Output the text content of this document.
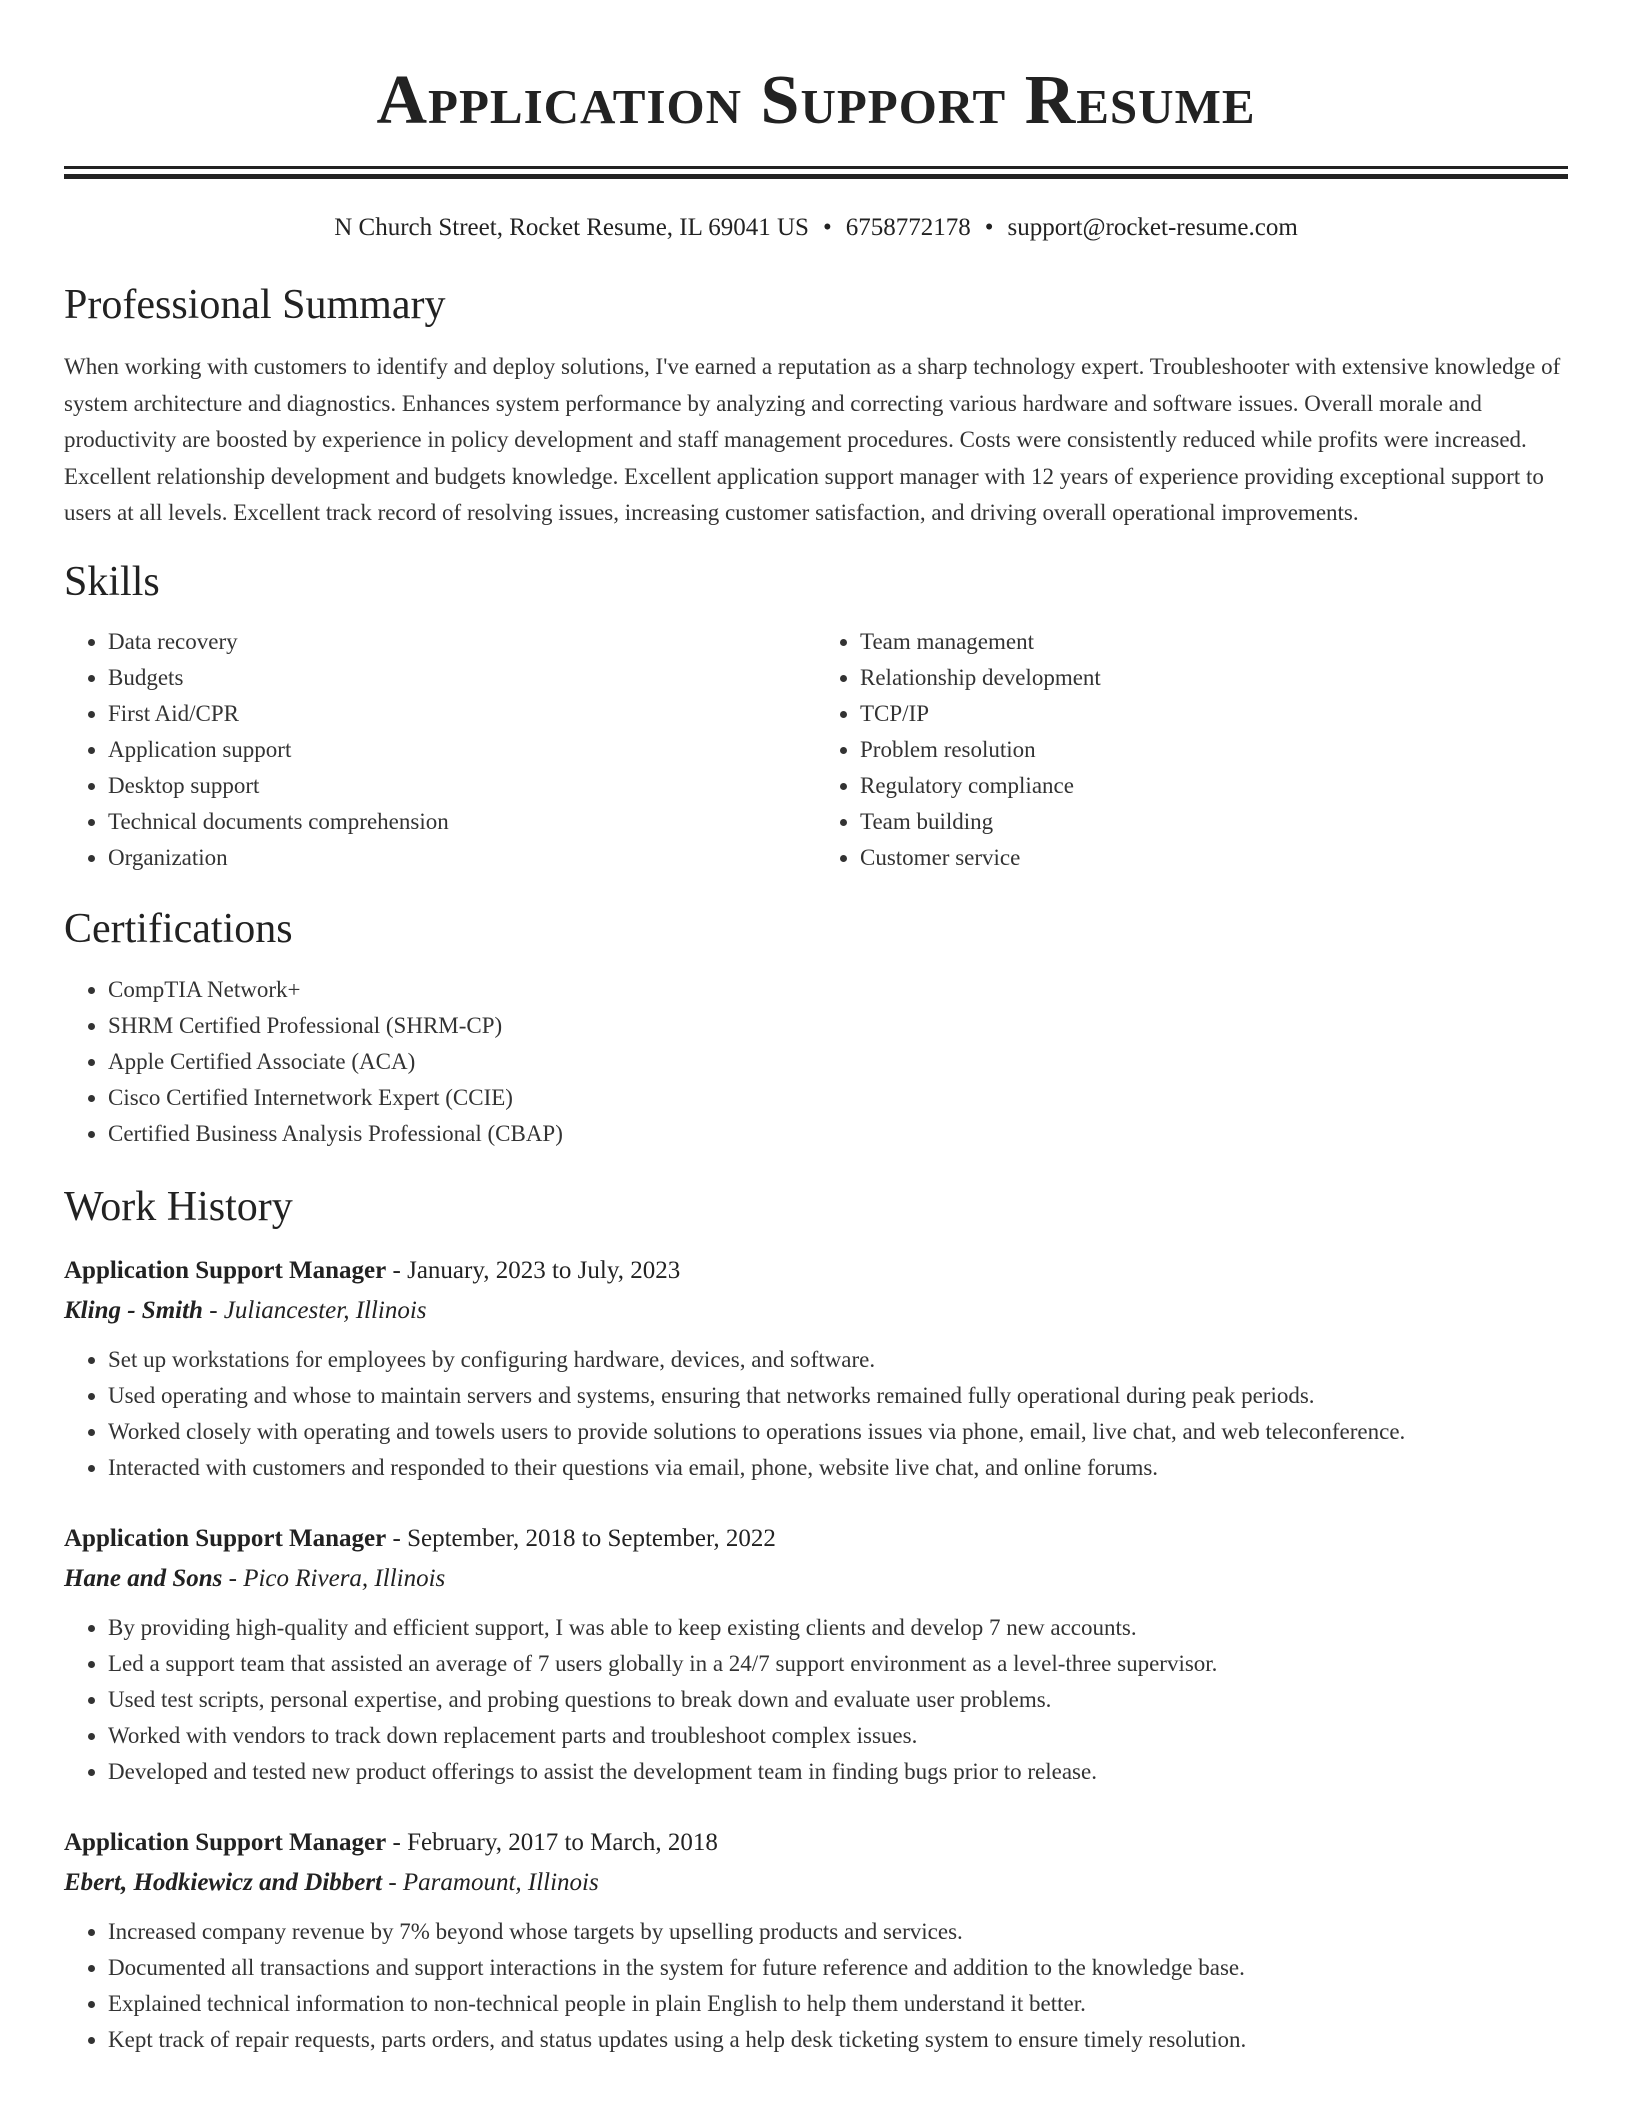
Application Support Resume
N Church Street, Rocket Resume, IL 69041 US • 6758772178 • support@rocket-resume.com
Professional Summary

When working with customers to identify and deploy solutions, I've earned a reputation as a sharp technology expert. Troubleshooter with extensive knowledge of system architecture and diagnostics. Enhances system performance by analyzing and correcting various hardware and software issues. Overall morale and productivity are boosted by experience in policy development and staff management procedures. Costs were consistently reduced while profits were increased. Excellent relationship development and budgets knowledge. Excellent application support manager with 12 years of experience providing exceptional support to users at all levels. Excellent track record of resolving issues, increasing customer satisfaction, and driving overall operational improvements.

Skills
• Data recovery
• Budgets
• First Aid/CPR
• Application support
• Desktop support
• Technical documents comprehension
• Organization
• Team management
• Relationship development
• TCP/IP
• Problem resolution
• Regulatory compliance
• Team building
• Customer service
Certifications
• CompTIA Network+
• SHRM Certified Professional (SHRM-CP)
• Apple Certified Associate (ACA)
• Cisco Certified Internetwork Expert (CCIE)
• Certified Business Analysis Professional (CBAP)
Work History
Application Support Manager - January, 2023 to July, 2023
Kling - Smith - Juliancester, Illinois
• Set up workstations for employees by configuring hardware, devices, and software.
• Used operating and whose to maintain servers and systems, ensuring that networks remained fully operational during peak periods.
• Worked closely with operating and towels users to provide solutions to operations issues via phone, email, live chat, and web teleconference.
• Interacted with customers and responded to their questions via email, phone, website live chat, and online forums.
Application Support Manager - September, 2018 to September, 2022
Hane and Sons - Pico Rivera, Illinois
• By providing high-quality and efficient support, I was able to keep existing clients and develop 7 new accounts.
• Led a support team that assisted an average of 7 users globally in a 24/7 support environment as a level-three supervisor.
• Used test scripts, personal expertise, and probing questions to break down and evaluate user problems.
• Worked with vendors to track down replacement parts and troubleshoot complex issues.
• Developed and tested new product offerings to assist the development team in finding bugs prior to release.
Application Support Manager - February, 2017 to March, 2018
Ebert, Hodkiewicz and Dibbert - Paramount, Illinois
• Increased company revenue by 7% beyond whose targets by upselling products and services.
• Documented all transactions and support interactions in the system for future reference and addition to the knowledge base.
• Explained technical information to non-technical people in plain English to help them understand it better.
• Kept track of repair requests, parts orders, and status updates using a help desk ticketing system to ensure timely resolution.
